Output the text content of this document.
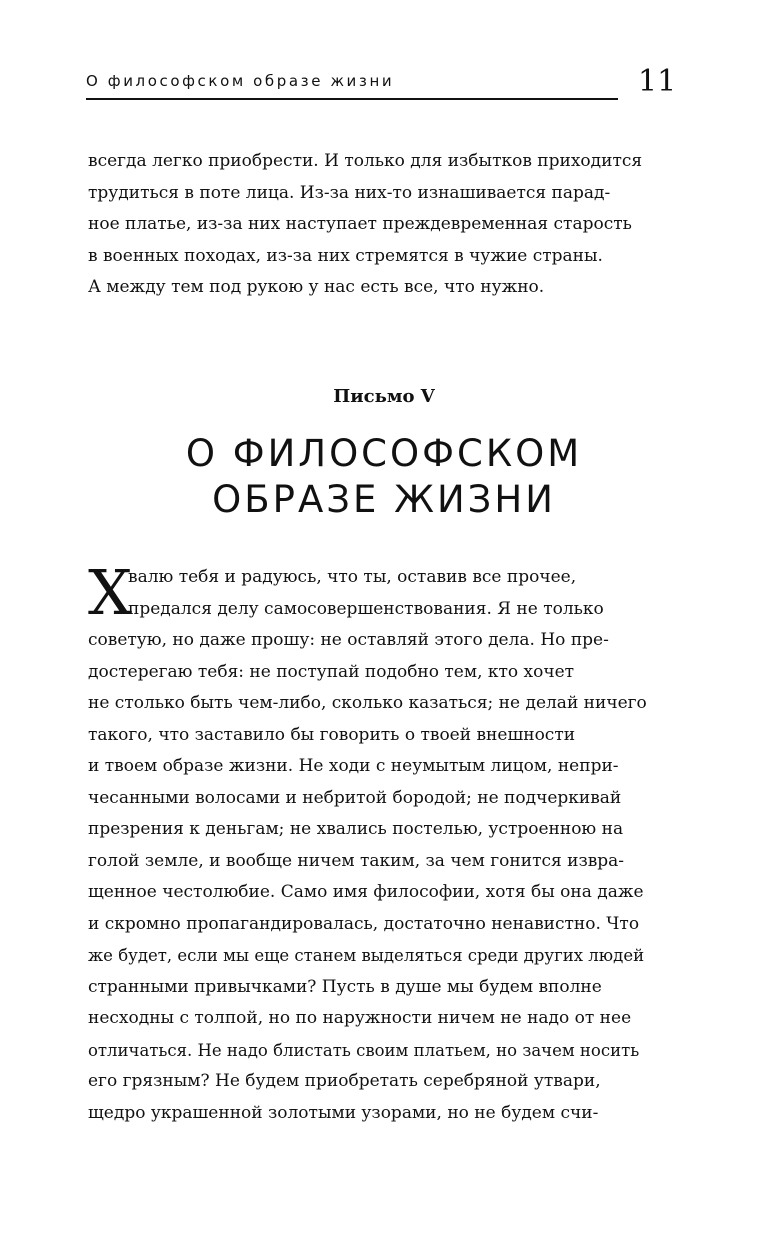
О философском образе жизни	11
всегда легко приобрести. И только для избытков приходится
трудиться в поте лица. Из-за них-то изнашивается парад-
ное платье, из-за них наступает преждевременная старость
в военных походах, из-за них стремятся в чужие страны.
А между тем под рукою у нас есть все, что нужно.
Письмо V
О ФИЛОСОФСКОМ
ОБРАЗЕ ЖИЗНИ
Х
валю тебя и радуюсь, что ты, оставив все прочее,
предался делу самосовершенствования. Я не только
советую, но даже прошу: не оставляй этого дела. Но пре-
достерегаю тебя: не поступай подобно тем, кто хочет
не столько быть чем-либо, сколько казаться; не делай ничего
такого, что заставило бы говорить о твоей внешности
и твоем образе жизни. Не ходи с неумытым лицом, непри-
чесанными волосами и небритой бородой; не подчеркивай
презрения к деньгам; не хвались постелью, устроенною на
голой земле, и вообще ничем таким, за чем гонится извра-
щенное честолюбие. Само имя философии, хотя бы она даже
и скромно пропагандировалась, достаточно ненавистно. Что
же будет, если мы еще станем выделяться среди других людей
странными привычками? Пусть в душе мы будем вполне
несходны с толпой, но по наружности ничем не надо от нее
отличаться. Не надо блистать своим платьем, но зачем носить
его грязным? Не будем приобретать серебряной утвари,
щедро украшенной золотыми узорами, но не будем счи-
